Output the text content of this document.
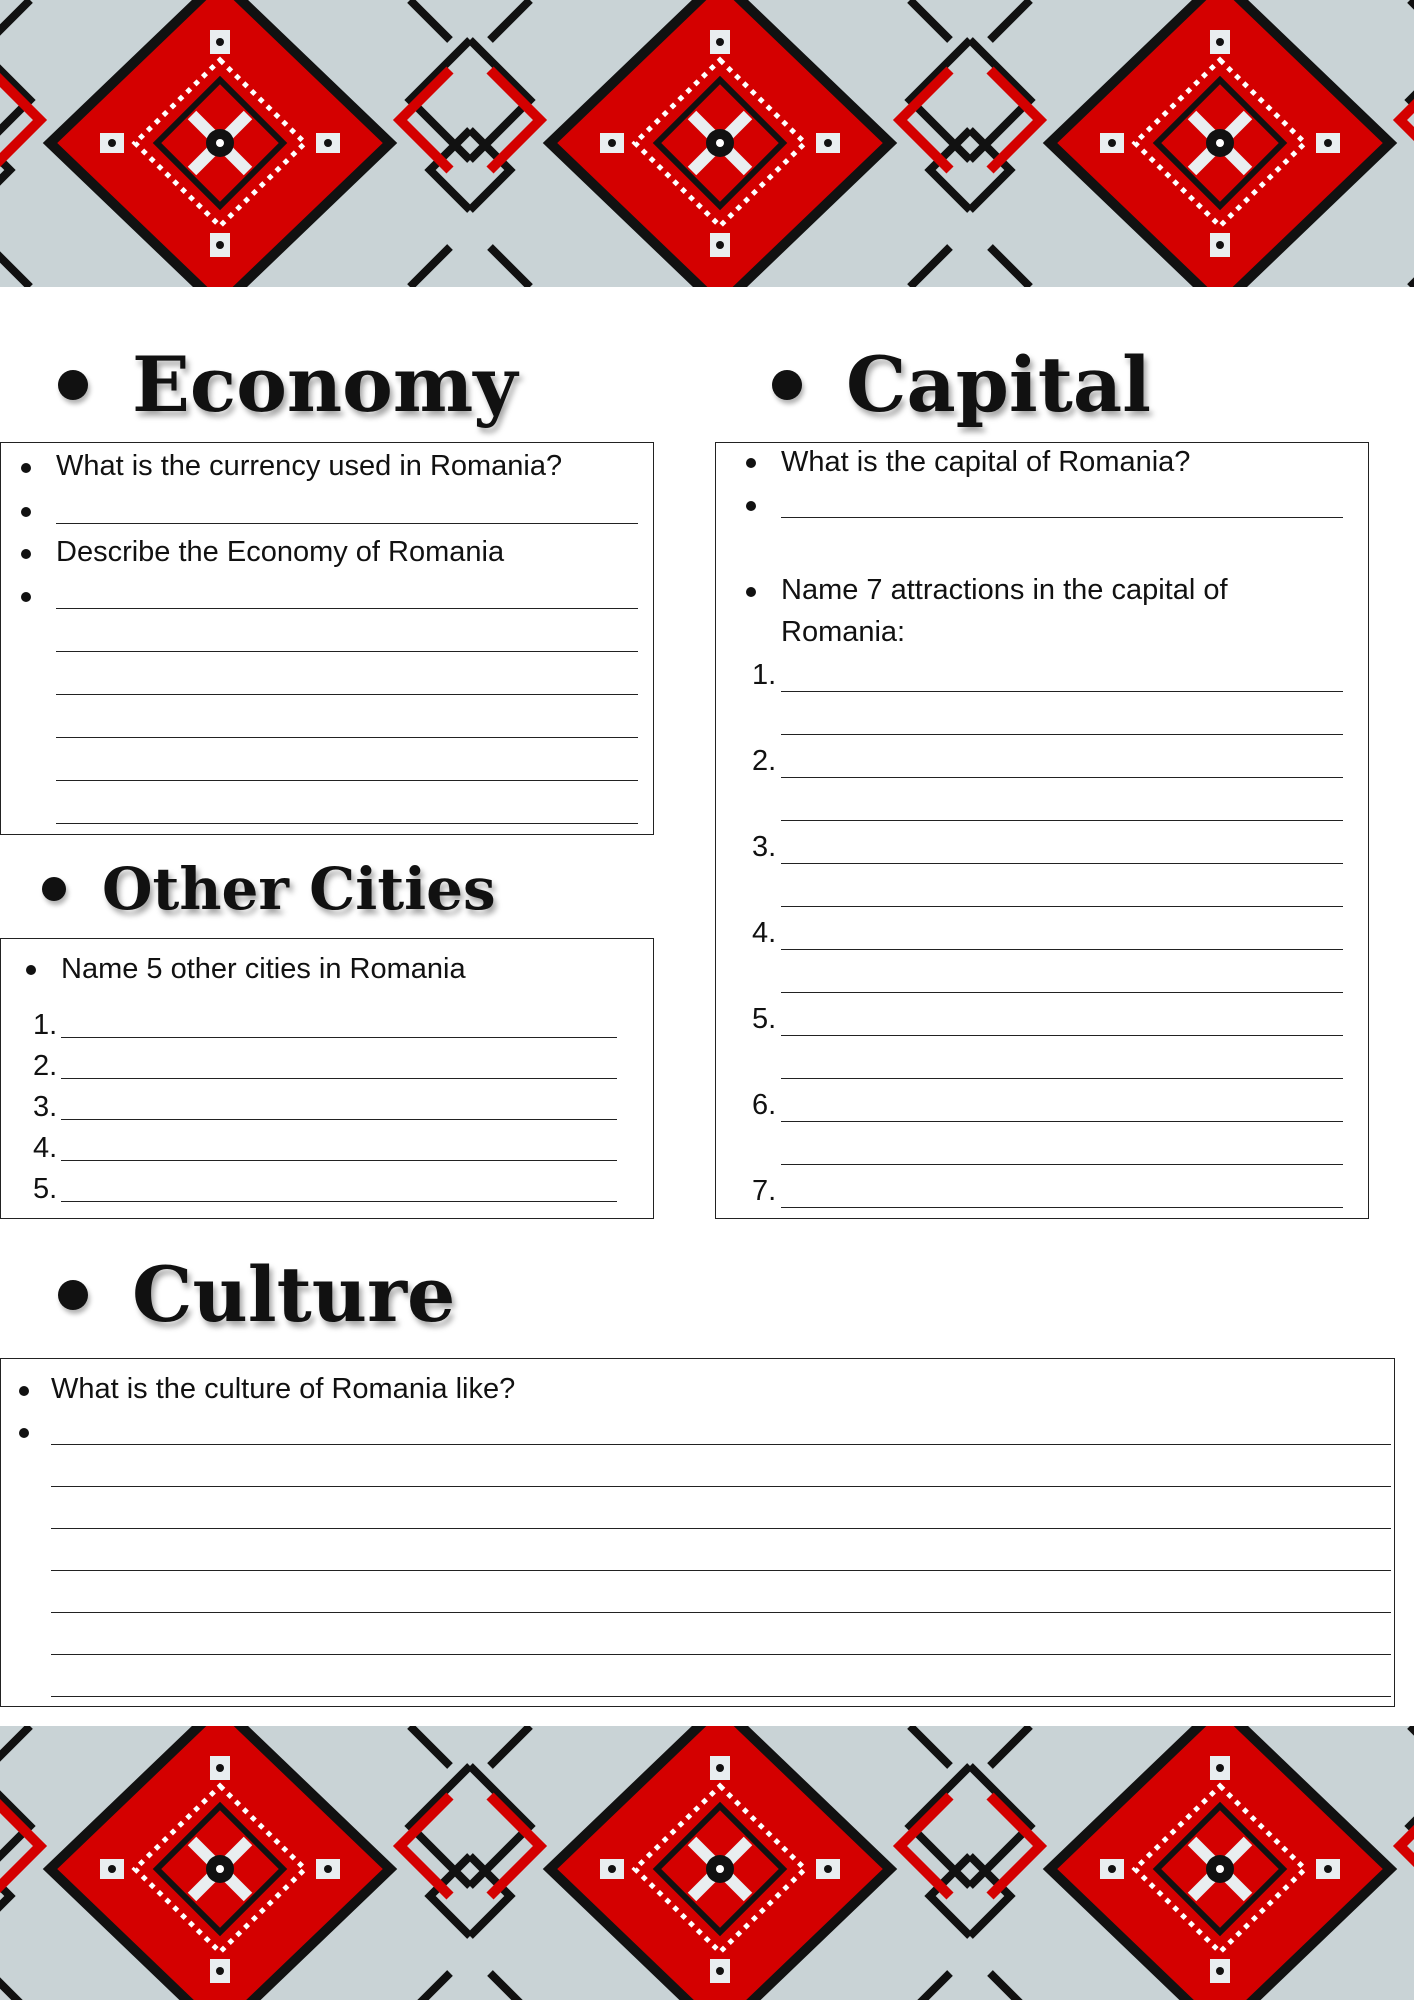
Economy
What is the currency used in Romania?
Describe the Economy of Romania
Capital
What is the capital of Romania?
Name 7 attractions in the capital of
Romania:
1.
2.
3.
4.
5.
6.
7.
Other Cities
Name 5 other cities in Romania
1.
2.
3.
4.
5.
Culture
What is the culture of Romania like?
